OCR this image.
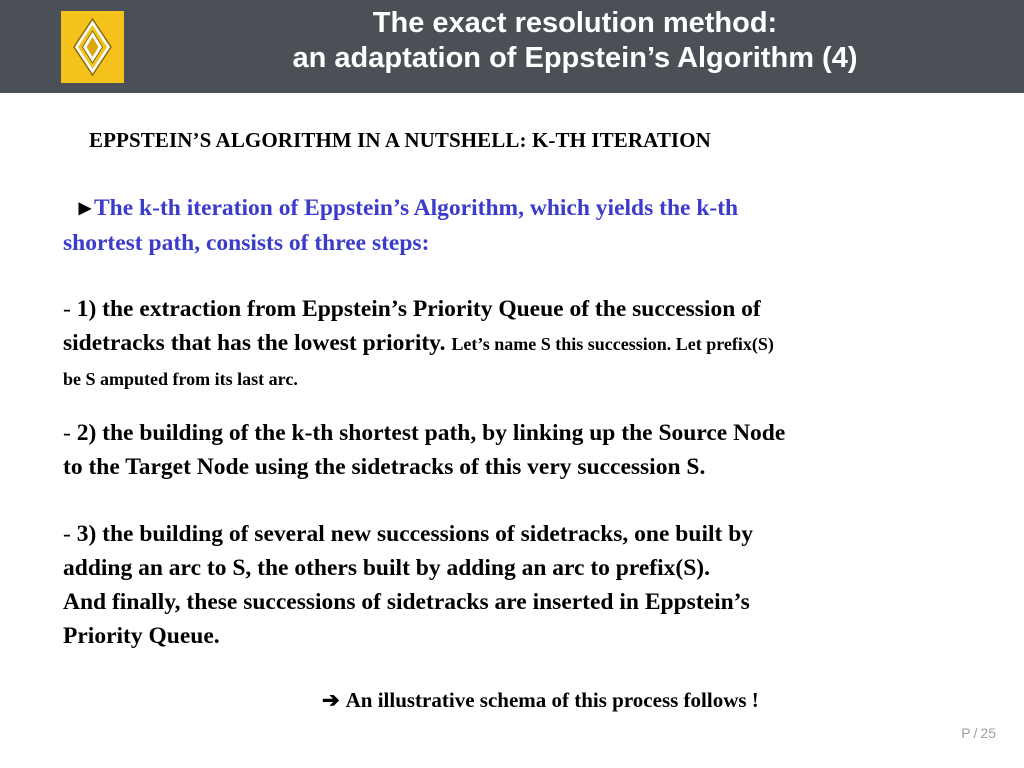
The exact resolution method:
an adaptation of Eppstein’s Algorithm (4)
EPPSTEIN’S ALGORITHM IN A NUTSHELL: K-TH ITERATION
▶ The k-th iteration of Eppstein’s Algorithm, which yields the k-th
shortest path, consists of three steps:
- 1) the extraction from Eppstein’s Priority Queue of the succession of
sidetracks that has the lowest priority. Let’s name S this succession. Let prefix(S)
be S amputed from its last arc.
- 2) the building of the k-th shortest path, by linking up the Source Node
to the Target Node using the sidetracks of this very succession S.
- 3) the building of several new successions of sidetracks, one built by
adding an arc to S, the others built by adding an arc to prefix(S).
And finally, these successions of sidetracks are inserted in Eppstein’s
Priority Queue.
➔ An illustrative schema of this process follows !
P / 25
